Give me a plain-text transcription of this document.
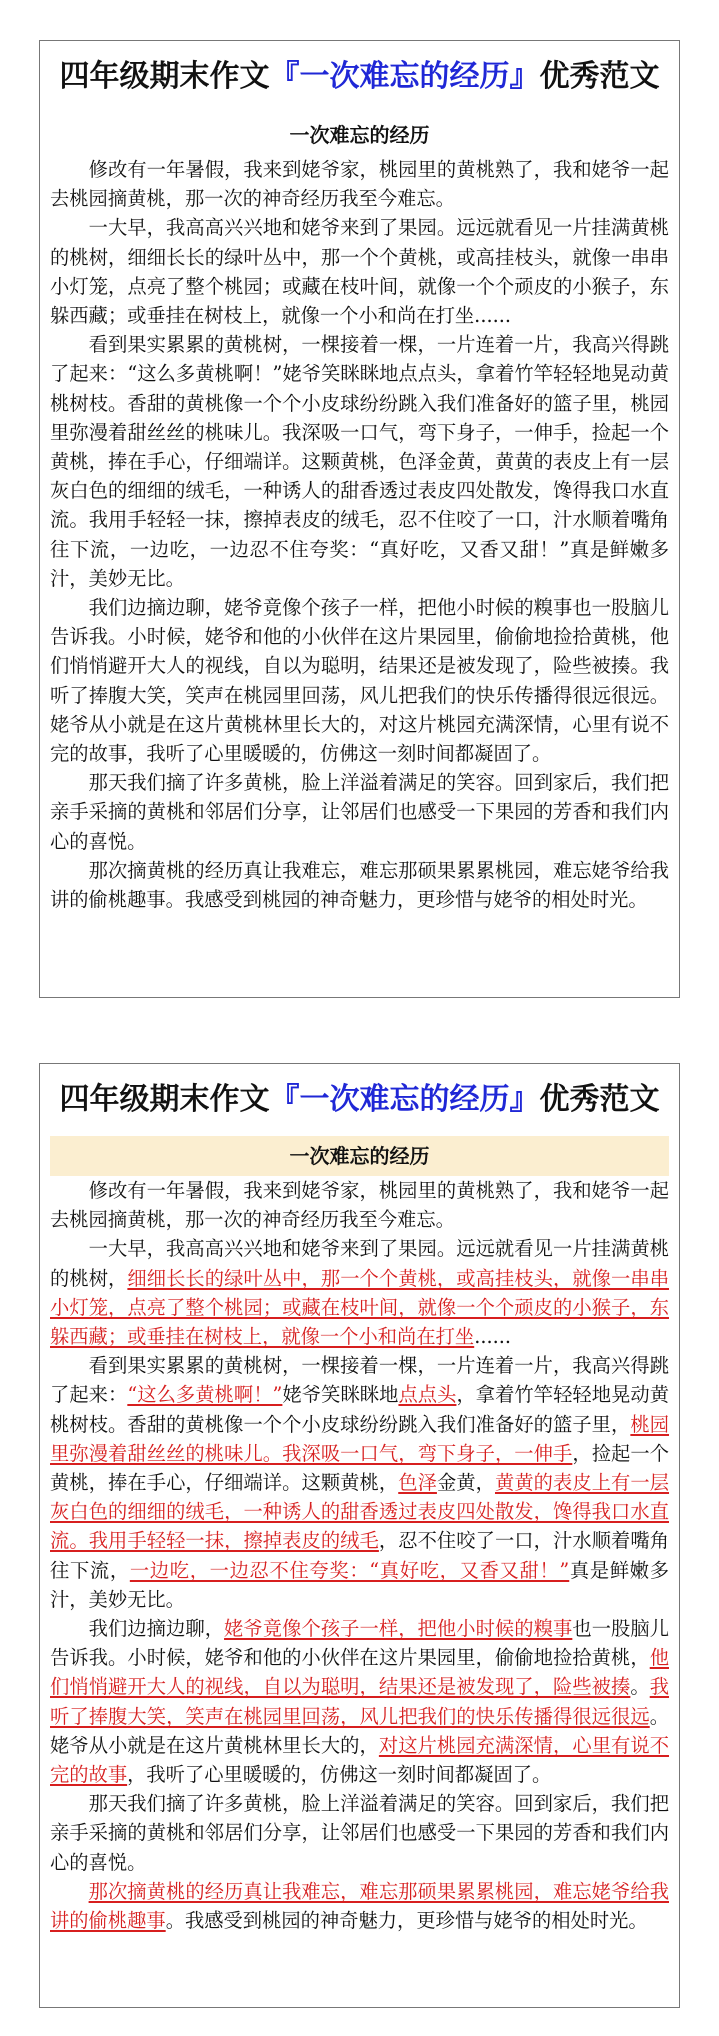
四年级期末作文『一次难忘的经历』优秀范文
一次难忘的经历

修改有一年暑假，我来到姥爷家，桃园里的黄桃熟了，我和姥爷一起去桃园摘黄桃，那一次的神奇经历我至今难忘。

一大早，我高高兴兴地和姥爷来到了果园。远远就看见一片挂满黄桃的桃树，细细长长的绿叶丛中，那一个个黄桃，或高挂枝头，就像一串串小灯笼，点亮了整个桃园；或藏在枝叶间，就像一个个顽皮的小猴子，东躲西藏；或垂挂在树枝上，就像一个小和尚在打坐......

看到果实累累的黄桃树，一棵接着一棵，一片连着一片，我高兴得跳了起来：“这么多黄桃啊！”姥爷笑眯眯地点点头，拿着竹竿轻轻地晃动黄桃树枝。香甜的黄桃像一个个小皮球纷纷跳入我们准备好的篮子里，桃园里弥漫着甜丝丝的桃味儿。我深吸一口气，弯下身子，一伸手，捡起一个黄桃，捧在手心，仔细端详。这颗黄桃，色泽金黄，黄黄的表皮上有一层灰白色的细细的绒毛，一种诱人的甜香透过表皮四处散发，馋得我口水直流。我用手轻轻一抹，擦掉表皮的绒毛，忍不住咬了一口，汁水顺着嘴角往下流，一边吃，一边忍不住夸奖：“真好吃，又香又甜！”真是鲜嫩多汁，美妙无比。

我们边摘边聊，姥爷竟像个孩子一样，把他小时候的糗事也一股脑儿告诉我。小时候，姥爷和他的小伙伴在这片果园里，偷偷地捡拾黄桃，他们悄悄避开大人的视线，自以为聪明，结果还是被发现了，险些被揍。我听了捧腹大笑，笑声在桃园里回荡，风儿把我们的快乐传播得很远很远。姥爷从小就是在这片黄桃林里长大的，对这片桃园充满深情，心里有说不完的故事，我听了心里暖暖的，仿佛这一刻时间都凝固了。

那天我们摘了许多黄桃，脸上洋溢着满足的笑容。回到家后，我们把亲手采摘的黄桃和邻居们分享，让邻居们也感受一下果园的芳香和我们内心的喜悦。

那次摘黄桃的经历真让我难忘，难忘那硕果累累桃园，难忘姥爷给我讲的偷桃趣事。我感受到桃园的神奇魅力，更珍惜与姥爷的相处时光。

四年级期末作文『一次难忘的经历』优秀范文
一次难忘的经历

修改有一年暑假，我来到姥爷家，桃园里的黄桃熟了，我和姥爷一起去桃园摘黄桃，那一次的神奇经历我至今难忘。

一大早，我高高兴兴地和姥爷来到了果园。远远就看见一片挂满黄桃的桃树，细细长长的绿叶丛中，那一个个黄桃，或高挂枝头，就像一串串小灯笼，点亮了整个桃园；或藏在枝叶间，就像一个个顽皮的小猴子，东躲西藏；或垂挂在树枝上，就像一个小和尚在打坐......

看到果实累累的黄桃树，一棵接着一棵，一片连着一片，我高兴得跳了起来：“这么多黄桃啊！”姥爷笑眯眯地点点头，拿着竹竿轻轻地晃动黄桃树枝。香甜的黄桃像一个个小皮球纷纷跳入我们准备好的篮子里，桃园里弥漫着甜丝丝的桃味儿。我深吸一口气，弯下身子，一伸手，捡起一个黄桃，捧在手心，仔细端详。这颗黄桃，色泽金黄，黄黄的表皮上有一层灰白色的细细的绒毛，一种诱人的甜香透过表皮四处散发，馋得我口水直流。我用手轻轻一抹，擦掉表皮的绒毛，忍不住咬了一口，汁水顺着嘴角往下流，一边吃，一边忍不住夸奖：“真好吃，又香又甜！”真是鲜嫩多汁，美妙无比。

我们边摘边聊，姥爷竟像个孩子一样，把他小时候的糗事也一股脑儿告诉我。小时候，姥爷和他的小伙伴在这片果园里，偷偷地捡拾黄桃，他们悄悄避开大人的视线，自以为聪明，结果还是被发现了，险些被揍。我听了捧腹大笑，笑声在桃园里回荡，风儿把我们的快乐传播得很远很远。姥爷从小就是在这片黄桃林里长大的，对这片桃园充满深情，心里有说不完的故事，我听了心里暖暖的，仿佛这一刻时间都凝固了。

那天我们摘了许多黄桃，脸上洋溢着满足的笑容。回到家后，我们把亲手采摘的黄桃和邻居们分享，让邻居们也感受一下果园的芳香和我们内心的喜悦。

那次摘黄桃的经历真让我难忘，难忘那硕果累累桃园，难忘姥爷给我讲的偷桃趣事。我感受到桃园的神奇魅力，更珍惜与姥爷的相处时光。
